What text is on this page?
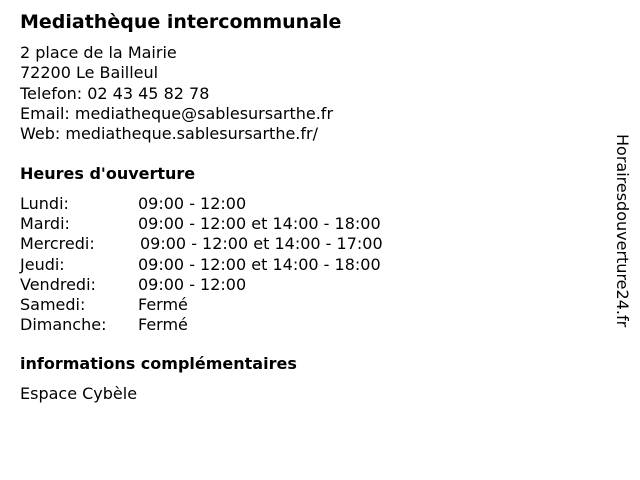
Mediathèque intercommunale
2 place de la Mairie
72200 Le Bailleul
Telefon: 02 43 45 82 78
Email: mediatheque@sablesursarthe.fr
Web: mediatheque.sablesursarthe.fr/
Heures d'ouverture
Lundi:	09:00 - 12:00
Mardi:	09:00 - 12:00 et 14:00 - 18:00
Mercredi:	09:00 - 12:00 et 14:00 - 17:00
Jeudi:	09:00 - 12:00 et 14:00 - 18:00
Vendredi:	09:00 - 12:00
Samedi:	Fermé
Dimanche: Fermé
informations complémentaires
Espace Cybèle
Horairesdouverture24.fr
